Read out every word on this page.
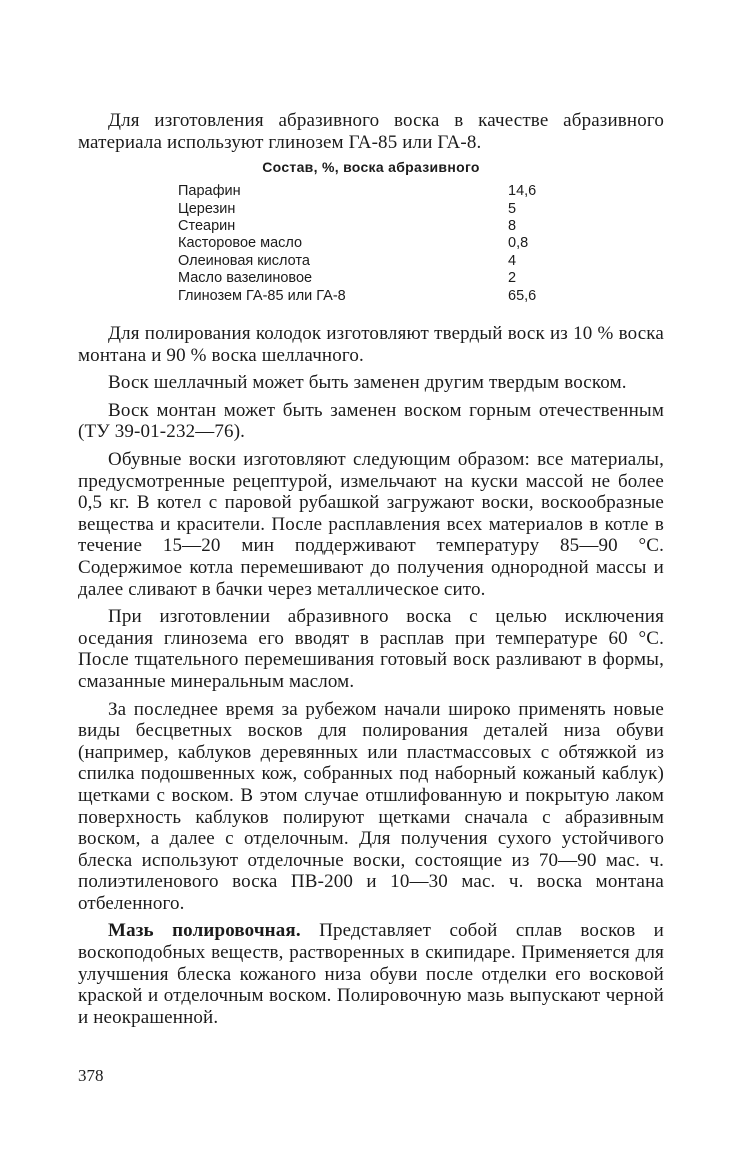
Для изготовления абразивного воска в качестве абразивного материала используют глинозем ГА-85 или ГА-8.

Состав, %, воска абразивного
Парафин	14,6
Церезин	5
Стеарин	8
Касторовое масло	0,8
Олеиновая кислота	4
Масло вазелиновое	2
Глинозем ГА-85 или ГА-8	65,6

Для полирования колодок изготовляют твердый воск из 10 % воска монтана и 90 % воска шеллачного.

Воск шеллачный может быть заменен другим твердым воском.

Воск монтан может быть заменен воском горным отечественным (ТУ 39-01-232—76).

Обувные воски изготовляют следующим образом: все материалы, предусмотренные рецептурой, измельчают на куски массой не более 0,5 кг. В котел с паровой рубашкой загружают воски, воскообразные вещества и красители. После расплавления всех материалов в котле в течение 15—20 мин поддерживают температуру 85—90 °С. Содержимое котла перемешивают до получения однородной массы и далее сливают в бачки через металлическое сито.

При изготовлении абразивного воска с целью исключения оседания глинозема его вводят в расплав при температуре 60 °С. После тщательного перемешивания готовый воск разливают в формы, смазанные минеральным маслом.

За последнее время за рубежом начали широко применять новые виды бесцветных восков для полирования деталей низа обуви (например, каблуков деревянных или пластмассовых с обтяжкой из спилка подошвенных кож, собранных под наборный кожаный каблук) щетками с воском. В этом случае отшлифованную и покрытую лаком поверхность каблуков полируют щетками сначала с абразивным воском, а далее с отделочным. Для получения сухого устойчивого блеска используют отделочные воски, состоящие из 70—90 мас. ч. полиэтиленового воска ПВ-200 и 10—30 мас. ч. воска монтана отбеленного.

Мазь полировочная. Представляет собой сплав восков и воскоподобных веществ, растворенных в скипидаре. Применяется для улучшения блеска кожаного низа обуви после отделки его восковой краской и отделочным воском. Полировочную мазь выпускают черной и неокрашенной.

378
